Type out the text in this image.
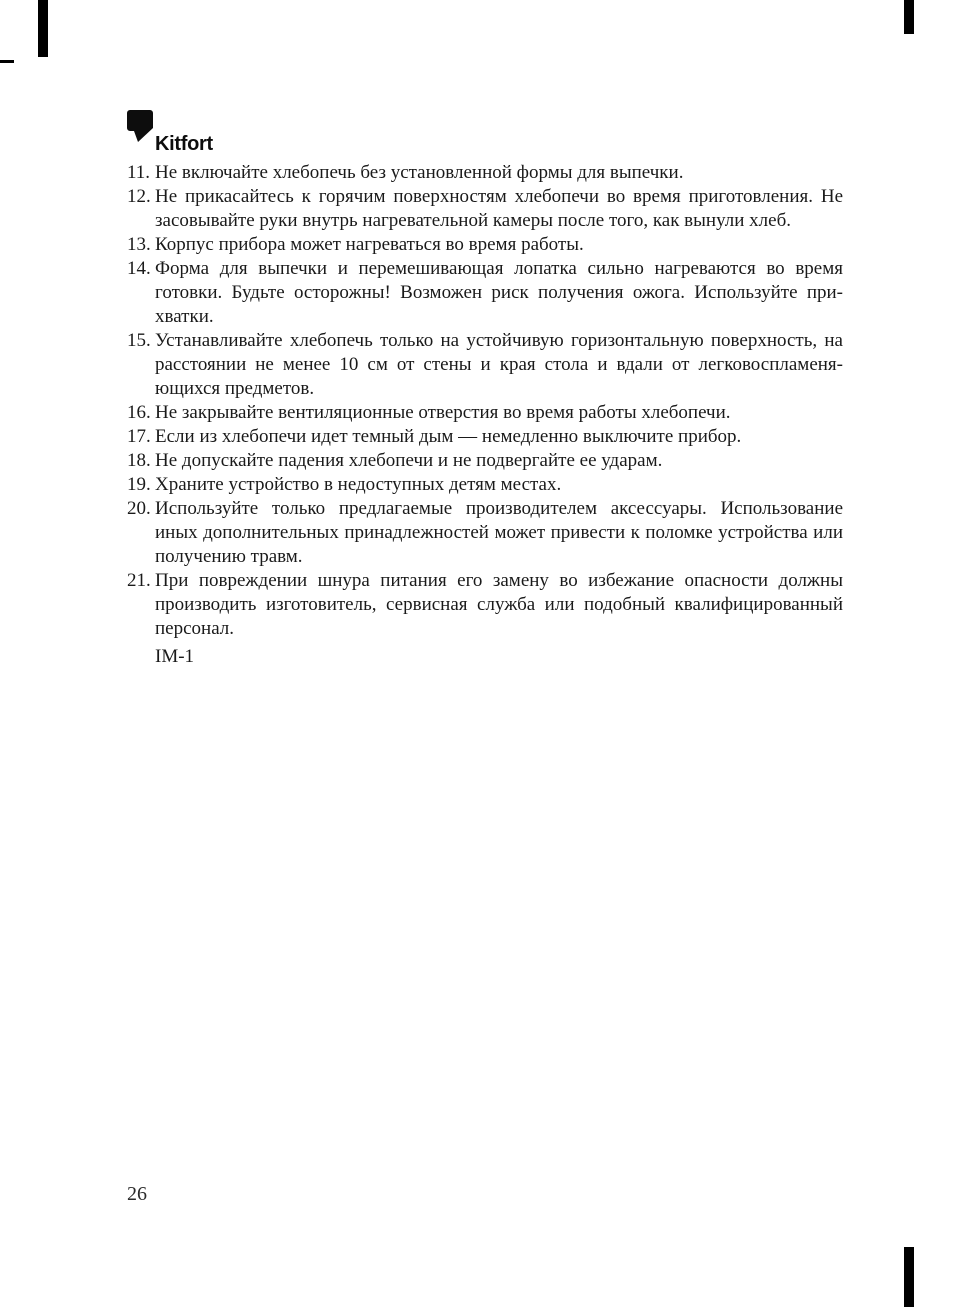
Kitfort
11. Не включайте хлебопечь без установленной формы для выпечки.
12. Не прикасайтесь к горячим поверхностям хлебопечи во время приготовления. Не засовывайте руки внутрь нагревательной камеры после того, как вынули хлеб.
13. Корпус прибора может нагреваться во время работы.
14. Форма для выпечки и перемешивающая лопатка сильно нагреваются во время готовки. Будьте осторожны! Возможен риск получения ожога. Используйте прихватки.
15. Устанавливайте хлебопечь только на устойчивую горизонтальную поверхность, на расстоянии не менее 10 см от стены и края стола и вдали от легковоспламеняющихся предметов.
16. Не закрывайте вентиляционные отверстия во время работы хлебопечи.
17. Если из хлебопечи идет темный дым — немедленно выключите прибор.
18. Не допускайте падения хлебопечи и не подвергайте ее ударам.
19. Храните устройство в недоступных детям местах.
20. Используйте только предлагаемые производителем аксессуары. Использование иных дополнительных принадлежностей может привести к поломке устройства или получению травм.
21. При повреждении шнура питания его замену во избежание опасности должны производить изготовитель, сервисная служба или подобный квалифицированный персонал.
IM-1
26
